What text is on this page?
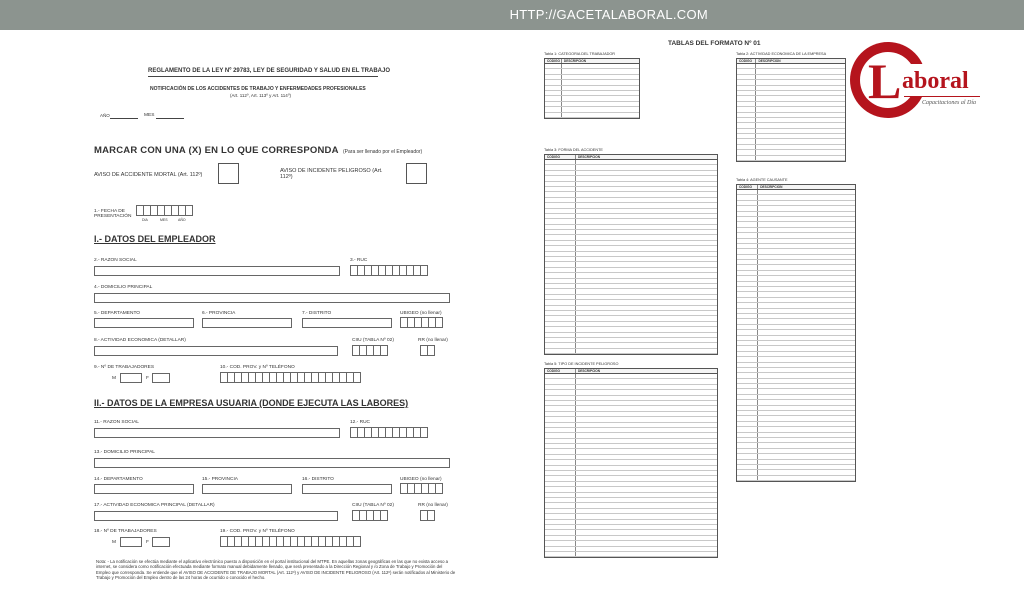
HTTP://GACETALABORAL.COM
REGLAMENTO DE LA LEY Nº 29783, LEY DE SEGURIDAD Y SALUD EN EL TRABAJO
NOTIFICACIÓN DE LOS ACCIDENTES DE TRABAJO Y ENFERMEDADES PROFESIONALES
(Art. 112º, Art. 113º y Art. 114º)
AÑO	MES
MARCAR CON UNA (X) EN LO QUE CORRESPONDA (Para ser llenado por el Empleador)
AVISO DE ACCIDENTE MORTAL (Art. 112º)
AVISO DE INCIDENTE PELIGROSO (Art. 112º)
1.- FECHA DE PRESENTACIÓN
DIA	MES	AÑO
I.- DATOS DEL EMPLEADOR
2.- RAZON SOCIAL	3.- RUC
4.- DOMICILIO PRINCIPAL
5.- DEPARTAMENTO	6.- PROVINCIA	7.- DISTRITO	UBIGEO (no llenar)
8.- ACTIVIDAD ECONOMICA (DETALLAR)	CIIU (TABLA Nº 02)	RR (no llenar)
9.- Nº DE TRABAJADORES
M	F
10.- COD. PROV. y Nº TELÉFONO
II.- DATOS DE LA EMPRESA USUARIA (DONDE EJECUTA LAS LABORES)
11.- RAZON SOCIAL	12.- RUC
13.- DOMICILIO PRINCIPAL
14.- DEPARTAMENTO	15.- PROVINCIA	16.- DISTRITO	UBIGEO (no llenar)
17.- ACTIVIDAD ECONOMICA PRINCIPAL (DETALLAR)	CIIU (TABLA Nº 02)	RR (no llenar)
18.- Nº DE TRABAJADORES
M	F
19.- COD. PROV. y Nº TELÉFONO
Nota: - La notificación se efectúa mediante el aplicativo electrónico puesto a disposición en el portal institucional del MTPE. En aquellas zonas geográficas en las que no exista acceso a internet, se considera como notificación efectuada mediante formato manual debidamente llenado, que será presentado a la Dirección Regional y /o Zona de Trabajo y Promoción del Empleo que corresponda. Se entiende que el AVISO DE ACCIDENTE DE TRABAJO MORTAL (Art. 112º) y AVISO DE INCIDENTE PELIGROSO (Art. 112º) serán notificados al Ministerio de Trabajo y Promoción del Empleo dentro de las 24 horas de ocurrido o conocido el hecho.
TABLAS DEL FORMATO Nº 01
Tabla 1: CATEGORIA DEL TRABAJADOR
CODIGO	DESCRIPCION
Tabla 2: ACTIVIDAD ECONOMICA DE LA EMPRESA
CODIGO	DESCRIPCION
Tabla 3: FORMA DEL ACCIDENTE
CODIGO	DESCRIPCION
Tabla 4: AGENTE CAUSANTE
CODIGO	DESCRIPCION
Tabla 5: TIPO DE INCIDENTE PELIGROSO
CODIGO	DESCRIPCION
L aboral
Capacitaciones al Día
